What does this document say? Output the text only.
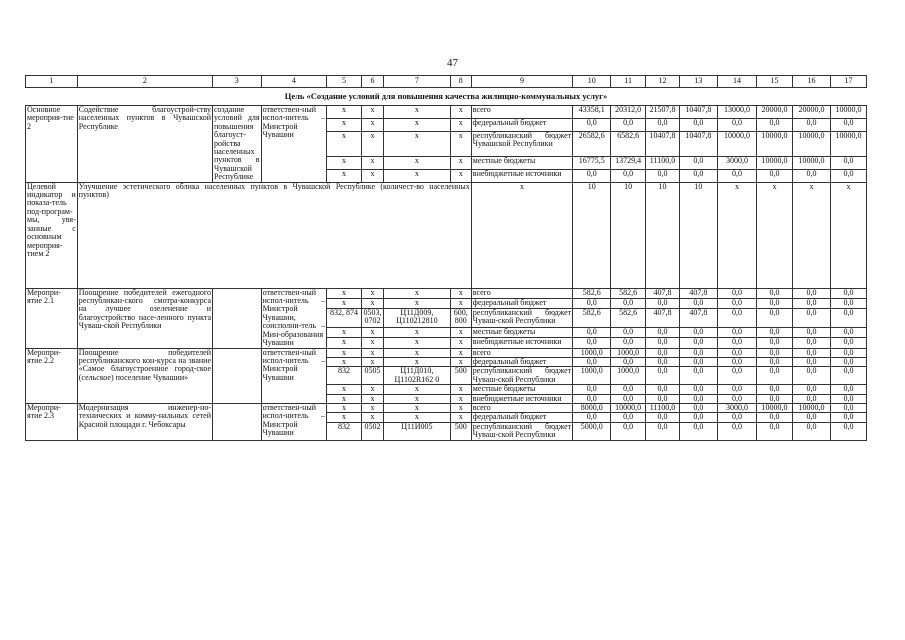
47
1	2	3	4	5	6	7	8	9	10	11	12	13	14	15	16	17
Цель «Создание условий для повышения качества жилищно-коммунальных услуг»																
Основное мероприя-тие 2	Содействие благоустрой-ству населенных пунктов в Чувашской Республике	создание условий для повышения благоуст-ройства населенных пунктов в Чувашской Республике	ответствен-ный испол-нитель – Минстрой Чувашии	x	x	x	x	всего	43358,1	20312,0	21507,8	10407,8	13000,0	20000,0	20000,0	10000,0
				x	x	x	x	федеральный бюджет	0,0	0,0	0,0	0,0	0,0	0,0	0,0	0,0
				x	x	x	x	республиканский бюджет Чувашской Республики	26582,6	6582,6	10407,8	10407,8	10000,0	10000,0	10000,0	10000,0
				x	x	x	x	местные бюджеты	16775,5	13729,4	11100,0	0,0	3000,0	10000,0	10000,0	0,0
				x	x	x	x	внебюджетные источники	0,0	0,0	0,0	0,0	0,0	0,0	0,0	0,0
Целевой индикатор и показа-тель под-програм-мы, увя-занные с основным мероприя-тием 2	Улучшение эстетического облика населенных пунктов в Чувашской Республике (количест-во населенных пунктов)							x	10	10	10	10	x	x	x	x
Меропри-ятие 2.1	Поощрение победителей ежегодного республикан-ского смотра-конкурса на лучшее озеленение и благоустройство насе-ленного пункта Чуваш-ской Республики		ответствен-ный испол-нитель – Минстрой Чувашии, соисполни-тель – Мин-образования Чувашии	x	x	x	x	всего	582,6	582,6	407,8	407,8	0,0	0,0	0,0	0,0
				x	x	x	x	федеральный бюджет	0,0	0,0	0,0	0,0	0,0	0,0	0,0	0,0
				832, 874	0503, 0702	Ц11Д009, Ц110212810	600, 800	республиканский бюджет Чуваш-ской Республики	582,6	582,6	407,8	407,8	0,0	0,0	0,0	0,0
				x	x	x	x	местные бюджеты	0,0	0,0	0,0	0,0	0,0	0,0	0,0	0,0
				x	x	x	x	внебюджетные источники	0,0	0,0	0,0	0,0	0,0	0,0	0,0	0,0
Меропри-ятие 2.2	Поощрение победителей республиканского кон-курса на звание «Самое благоустроенное город-ское (сельское) поселение Чувашии»		ответствен-ный испол-нитель – Минстрой Чувашии	x	x	x	x	всего	1000,0	1000,0	0,0	0,0	0,0	0,0	0,0	0,0
				x	x	x	x	федеральный бюджет	0,0	0,0	0,0	0,0	0,0	0,0	0,0	0,0
				832	0505	Ц11Д010, Ц1102R162 0	500	республиканский бюджет Чуваш-ской Республики	1000,0	1000,0	0,0	0,0	0,0	0,0	0,0	0,0
				x	x	x	x	местные бюджеты	0,0	0,0	0,0	0,0	0,0	0,0	0,0	0,0
				x	x	x	x	внебюджетные источники	0,0	0,0	0,0	0,0	0,0	0,0	0,0	0,0
Меропри-ятие 2.3	Модернизация инженер-но-технических и комму-нальных сетей Красной площади г. Чебоксары		ответствен-ный испол-нитель – Минстрой Чувашии	x	x	x	x	всего	8000,0	10000,0	11100,0	0,0	3000,0	10000,0	10000,0	0,0
				x	x	x	x	федеральный бюджет	0,0	0,0	0,0	0,0	0,0	0,0	0,0	0,0
				832	0502	Ц11И005	500	республиканский бюджет Чуваш-ской Республики	5000,0	0,0	0,0	0,0	0,0	0,0	0,0	0,0
